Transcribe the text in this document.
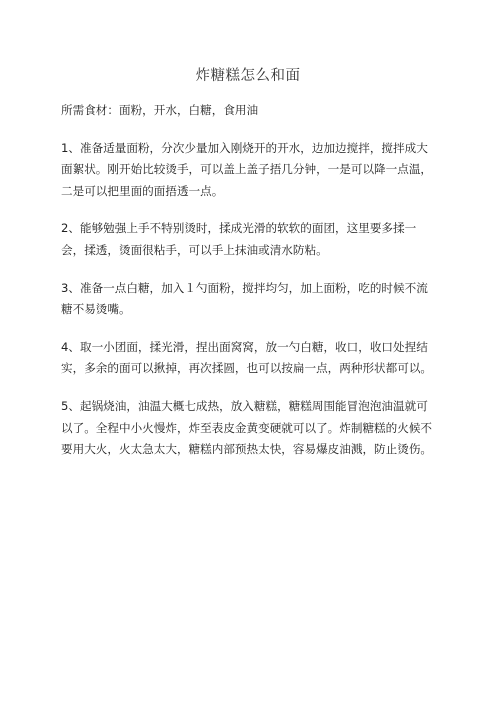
炸糖糕怎么和面

所需食材：面粉，开水，白糖，食用油

1、准备适量面粉，分次少量加入刚烧开的开水，边加边搅拌，搅拌成大面絮状。刚开始比较烫手，可以盖上盖子捂几分钟，一是可以降一点温，二是可以把里面的面捂透一点。

2、能够勉强上手不特别烫时，揉成光滑的软软的面团，这里要多揉一会，揉透，烫面很粘手，可以手上抹油或清水防粘。

3、准备一点白糖，加入１勺面粉，搅拌均匀，加上面粉，吃的时候不流糖不易烫嘴。

4、取一小团面，揉光滑，捏出面窝窝，放一勺白糖，收口，收口处捏结实，多余的面可以揪掉，再次揉圆，也可以按扁一点，两种形状都可以。

5、起锅烧油，油温大概七成热，放入糖糕，糖糕周围能冒泡泡油温就可以了。全程中小火慢炸，炸至表皮金黄变硬就可以了。炸制糖糕的火候不要用大火，火太急太大，糖糕内部预热太快，容易爆皮油溅，防止烫伤。
